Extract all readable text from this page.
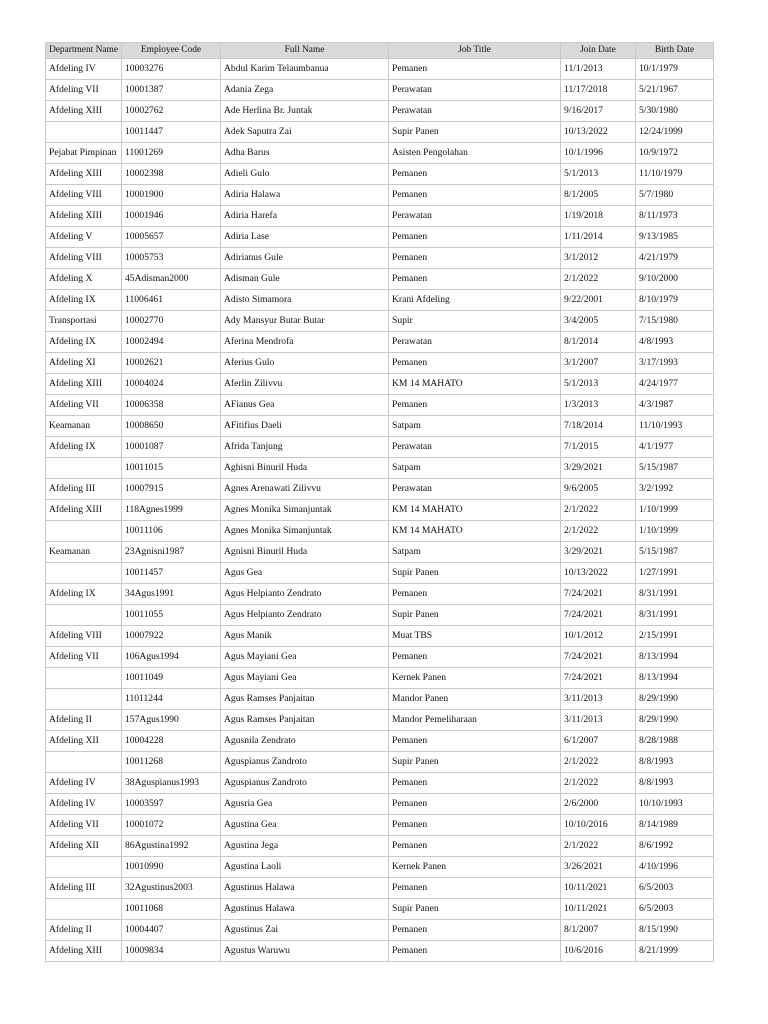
Department Name	Employee Code	Full Name	Job Title	Join Date	Birth Date
Afdeling IV	10003276	Abdul Karim Telaumbanua	Pemanen	11/1/2013	10/1/1979
Afdeling VII	10001387	Adania Zega	Perawatan	11/17/2018	5/21/1967
Afdeling XIII	10002762	Ade Herlina Br. Juntak	Perawatan	9/16/2017	5/30/1980
	10011447	Adek Saputra Zai	Supir Panen	10/13/2022	12/24/1999
Pejabat Pimpinan	11001269	Adha Barus	Asisten Pengolahan	10/1/1996	10/9/1972
Afdeling XIII	10002398	Adieli Gulo	Pemanen	5/1/2013	11/10/1979
Afdeling VIII	10001900	Adiria Halawa	Pemanen	8/1/2005	5/7/1980
Afdeling XIII	10001946	Adiria Harefa	Perawatan	1/19/2018	8/11/1973
Afdeling V	10005657	Adiria Lase	Pemanen	1/11/2014	9/13/1985
Afdeling VIII	10005753	Adirianus Gule	Pemanen	3/1/2012	4/21/1979
Afdeling X	45Adisman2000	Adisman Gule	Pemanen	2/1/2022	9/10/2000
Afdeling IX	11006461	Adisto Simamora	Krani Afdeling	9/22/2001	8/10/1979
Transportasi	10002770	Ady Mansyur Butar Butar	Supir	3/4/2005	7/15/1980
Afdeling IX	10002494	Aferina Mendrofa	Perawatan	8/1/2014	4/8/1993
Afdeling XI	10002621	Aferius Gulo	Pemanen	3/1/2007	3/17/1993
Afdeling XIII	10004024	Aferlin Zilivvu	KM 14 MAHATO	5/1/2013	4/24/1977
Afdeling VII	10006358	AFianus Gea	Pemanen	1/3/2013	4/3/1987
Keamanan	10008650	AFitifius Daeli	Satpam	7/18/2014	11/10/1993
Afdeling IX	10001087	Afrida Tanjung	Perawatan	7/1/2015	4/1/1977
	10011015	Aghisni Binuril Huda	Satpam	3/29/2021	5/15/1987
Afdeling III	10007915	Agnes Arenawati Zilivvu	Perawatan	9/6/2005	3/2/1992
Afdeling XIII	118Agnes1999	Agnes Monika Simanjuntak	KM 14 MAHATO	2/1/2022	1/10/1999
	10011106	Agnes Monika Simanjuntak	KM 14 MAHATO	2/1/2022	1/10/1999
Keamanan	23Agnisni1987	Agnisni Binuril Huda	Satpam	3/29/2021	5/15/1987
	10011457	Agus Gea	Supir Panen	10/13/2022	1/27/1991
Afdeling IX	34Agus1991	Agus Helpianto Zendrato	Pemanen	7/24/2021	8/31/1991
	10011055	Agus Helpianto Zendrato	Supir Panen	7/24/2021	8/31/1991
Afdeling VIII	10007922	Agus Manik	Muat TBS	10/1/2012	2/15/1991
Afdeling VII	106Agus1994	Agus Mayiani Gea	Pemanen	7/24/2021	8/13/1994
	10011049	Agus Mayiani Gea	Kernek Panen	7/24/2021	8/13/1994
	11011244	Agus Ramses Panjaitan	Mandor Panen	3/11/2013	8/29/1990
Afdeling II	157Agus1990	Agus Ramses Panjaitan	Mandor Pemeliharaan	3/11/2013	8/29/1990
Afdeling XII	10004228	Agusnila Zendrato	Pemanen	6/1/2007	8/28/1988
	10011268	Aguspianus Zandroto	Supir Panen	2/1/2022	8/8/1993
Afdeling IV	38Aguspianus1993	Aguspianus Zandroto	Pemanen	2/1/2022	8/8/1993
Afdeling IV	10003597	Agusria Gea	Pemanen	2/6/2000	10/10/1993
Afdeling VII	10001072	Agustina Gea	Pemanen	10/10/2016	8/14/1989
Afdeling XII	86Agustina1992	Agustina Jega	Pemanen	2/1/2022	8/6/1992
	10010990	Agustina Laoli	Kernek Panen	3/26/2021	4/10/1996
Afdeling III	32Agustinus2003	Agustinus Halawa	Pemanen	10/11/2021	6/5/2003
	10011068	Agustinus Halawa	Supir Panen	10/11/2021	6/5/2003
Afdeling II	10004407	Agustinus Zai	Pemanen	8/1/2007	8/15/1990
Afdeling XIII	10009834	Agustus Waruwu	Pemanen	10/6/2016	8/21/1999
